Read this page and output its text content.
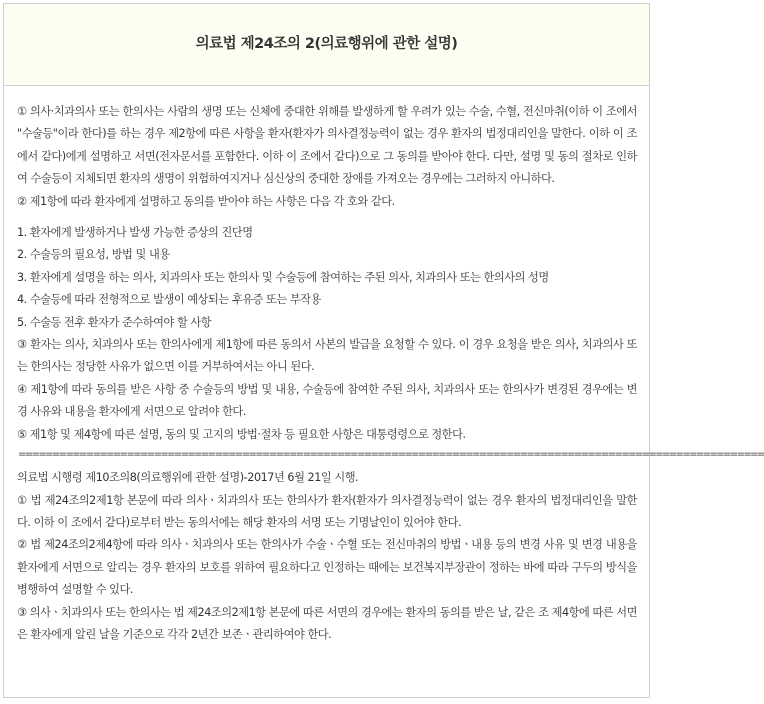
의료법 제24조의 2(의료행위에 관한 설명)
① 의사·치과의사 또는 한의사는 사람의 생명 또는 신체에 중대한 위해를 발생하게 할 우려가 있는 수술, 수혈, 전신마취(이하 이 조에서 "수술등"이라 한다)를 하는 경우 제2항에 따른 사항을 환자(환자가 의사결정능력이 없는 경우 환자의 법정대리인을 말한다. 이하 이 조에서 같다)에게 설명하고 서면(전자문서를 포함한다. 이하 이 조에서 같다)으로 그 동의를 받아야 한다. 다만, 설명 및 동의 절차로 인하여 수술등이 지체되면 환자의 생명이 위험하여지거나 심신상의 중대한 장애를 가져오는 경우에는 그러하지 아니하다.
② 제1항에 따라 환자에게 설명하고 동의를 받아야 하는 사항은 다음 각 호와 같다.
1. 환자에게 발생하거나 발생 가능한 증상의 진단명
2. 수술등의 필요성, 방법 및 내용
3. 환자에게 설명을 하는 의사, 치과의사 또는 한의사 및 수술등에 참여하는 주된 의사, 치과의사 또는 한의사의 성명
4. 수술등에 따라 전형적으로 발생이 예상되는 후유증 또는 부작용
5. 수술등 전후 환자가 준수하여야 할 사항
③ 환자는 의사, 치과의사 또는 한의사에게 제1항에 따른 동의서 사본의 발급을 요청할 수 있다. 이 경우 요청을 받은 의사, 치과의사 또는 한의사는 정당한 사유가 없으면 이를 거부하여서는 아니 된다.
④ 제1항에 따라 동의를 받은 사항 중 수술등의 방법 및 내용, 수술등에 참여한 주된 의사, 치과의사 또는 한의사가 변경된 경우에는 변경 사유와 내용을 환자에게 서면으로 알려야 한다.
⑤ 제1항 및 제4항에 따른 설명, 동의 및 고지의 방법·절차 등 필요한 사항은 대통령령으로 정한다.
==============================================================================================================
의료법 시행령 제10조의8(의료행위에 관한 설명)-2017년 6월 21일 시행.
① 법 제24조의2제1항 본문에 따라 의사ㆍ치과의사 또는 한의사가 환자(환자가 의사결정능력이 없는 경우 환자의 법정대리인을 말한다. 이하 이 조에서 같다)로부터 받는 동의서에는 해당 환자의 서명 또는 기명날인이 있어야 한다.
② 법 제24조의2제4항에 따라 의사ㆍ치과의사 또는 한의사가 수술ㆍ수혈 또는 전신마취의 방법ㆍ내용 등의 변경 사유 및 변경 내용을 환자에게 서면으로 알리는 경우 환자의 보호를 위하여 필요하다고 인정하는 때에는 보건복지부장관이 정하는 바에 따라 구두의 방식을 병행하여 설명할 수 있다.
③ 의사ㆍ치과의사 또는 한의사는 법 제24조의2제1항 본문에 따른 서면의 경우에는 환자의 동의를 받은 날, 같은 조 제4항에 따른 서면은 환자에게 알린 날을 기준으로 각각 2년간 보존ㆍ관리하여야 한다.
